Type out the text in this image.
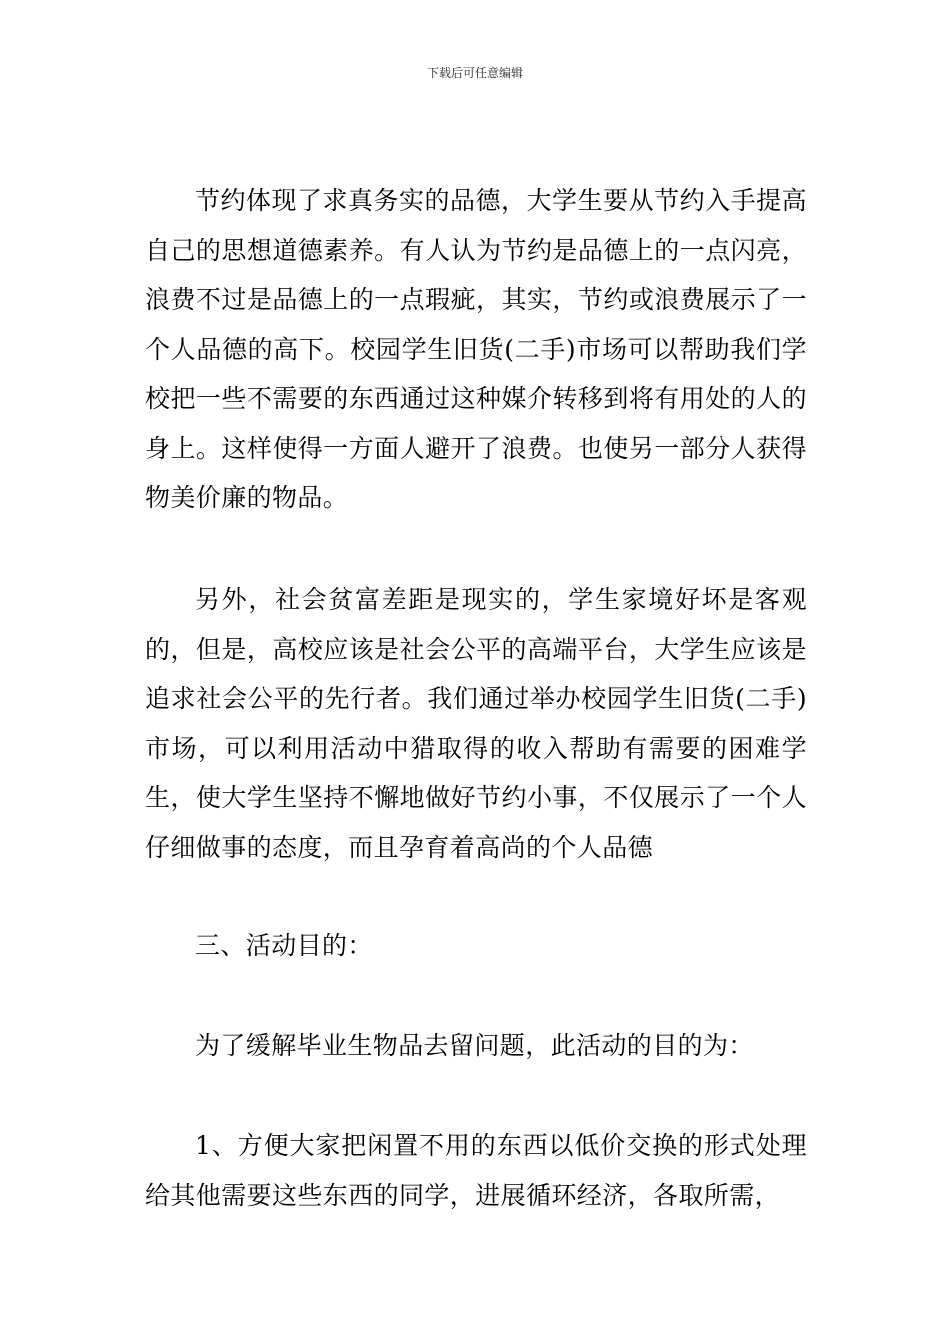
下载后可任意编辑

节约体现了求真务实的品德，大学生要从节约入手提高自己的思想道德素养。有人认为节约是品德上的一点闪亮，浪费不过是品德上的一点瑕疵，其实，节约或浪费展示了一个人品德的高下。校园学生旧货(二手)市场可以帮助我们学校把一些不需要的东西通过这种媒介转移到将有用处的人的身上。这样使得一方面人避开了浪费。也使另一部分人获得物美价廉的物品。

另外，社会贫富差距是现实的，学生家境好坏是客观的，但是，高校应该是社会公平的高端平台，大学生应该是追求社会公平的先行者。我们通过举办校园学生旧货(二手)市场，可以利用活动中猎取得的收入帮助有需要的困难学生，使大学生坚持不懈地做好节约小事，不仅展示了一个人仔细做事的态度，而且孕育着高尚的个人品德

三、活动目的：

为了缓解毕业生物品去留问题，此活动的目的为：

1、方便大家把闲置不用的东西以低价交换的形式处理给其他需要这些东西的同学，进展循环经济，各取所需，
